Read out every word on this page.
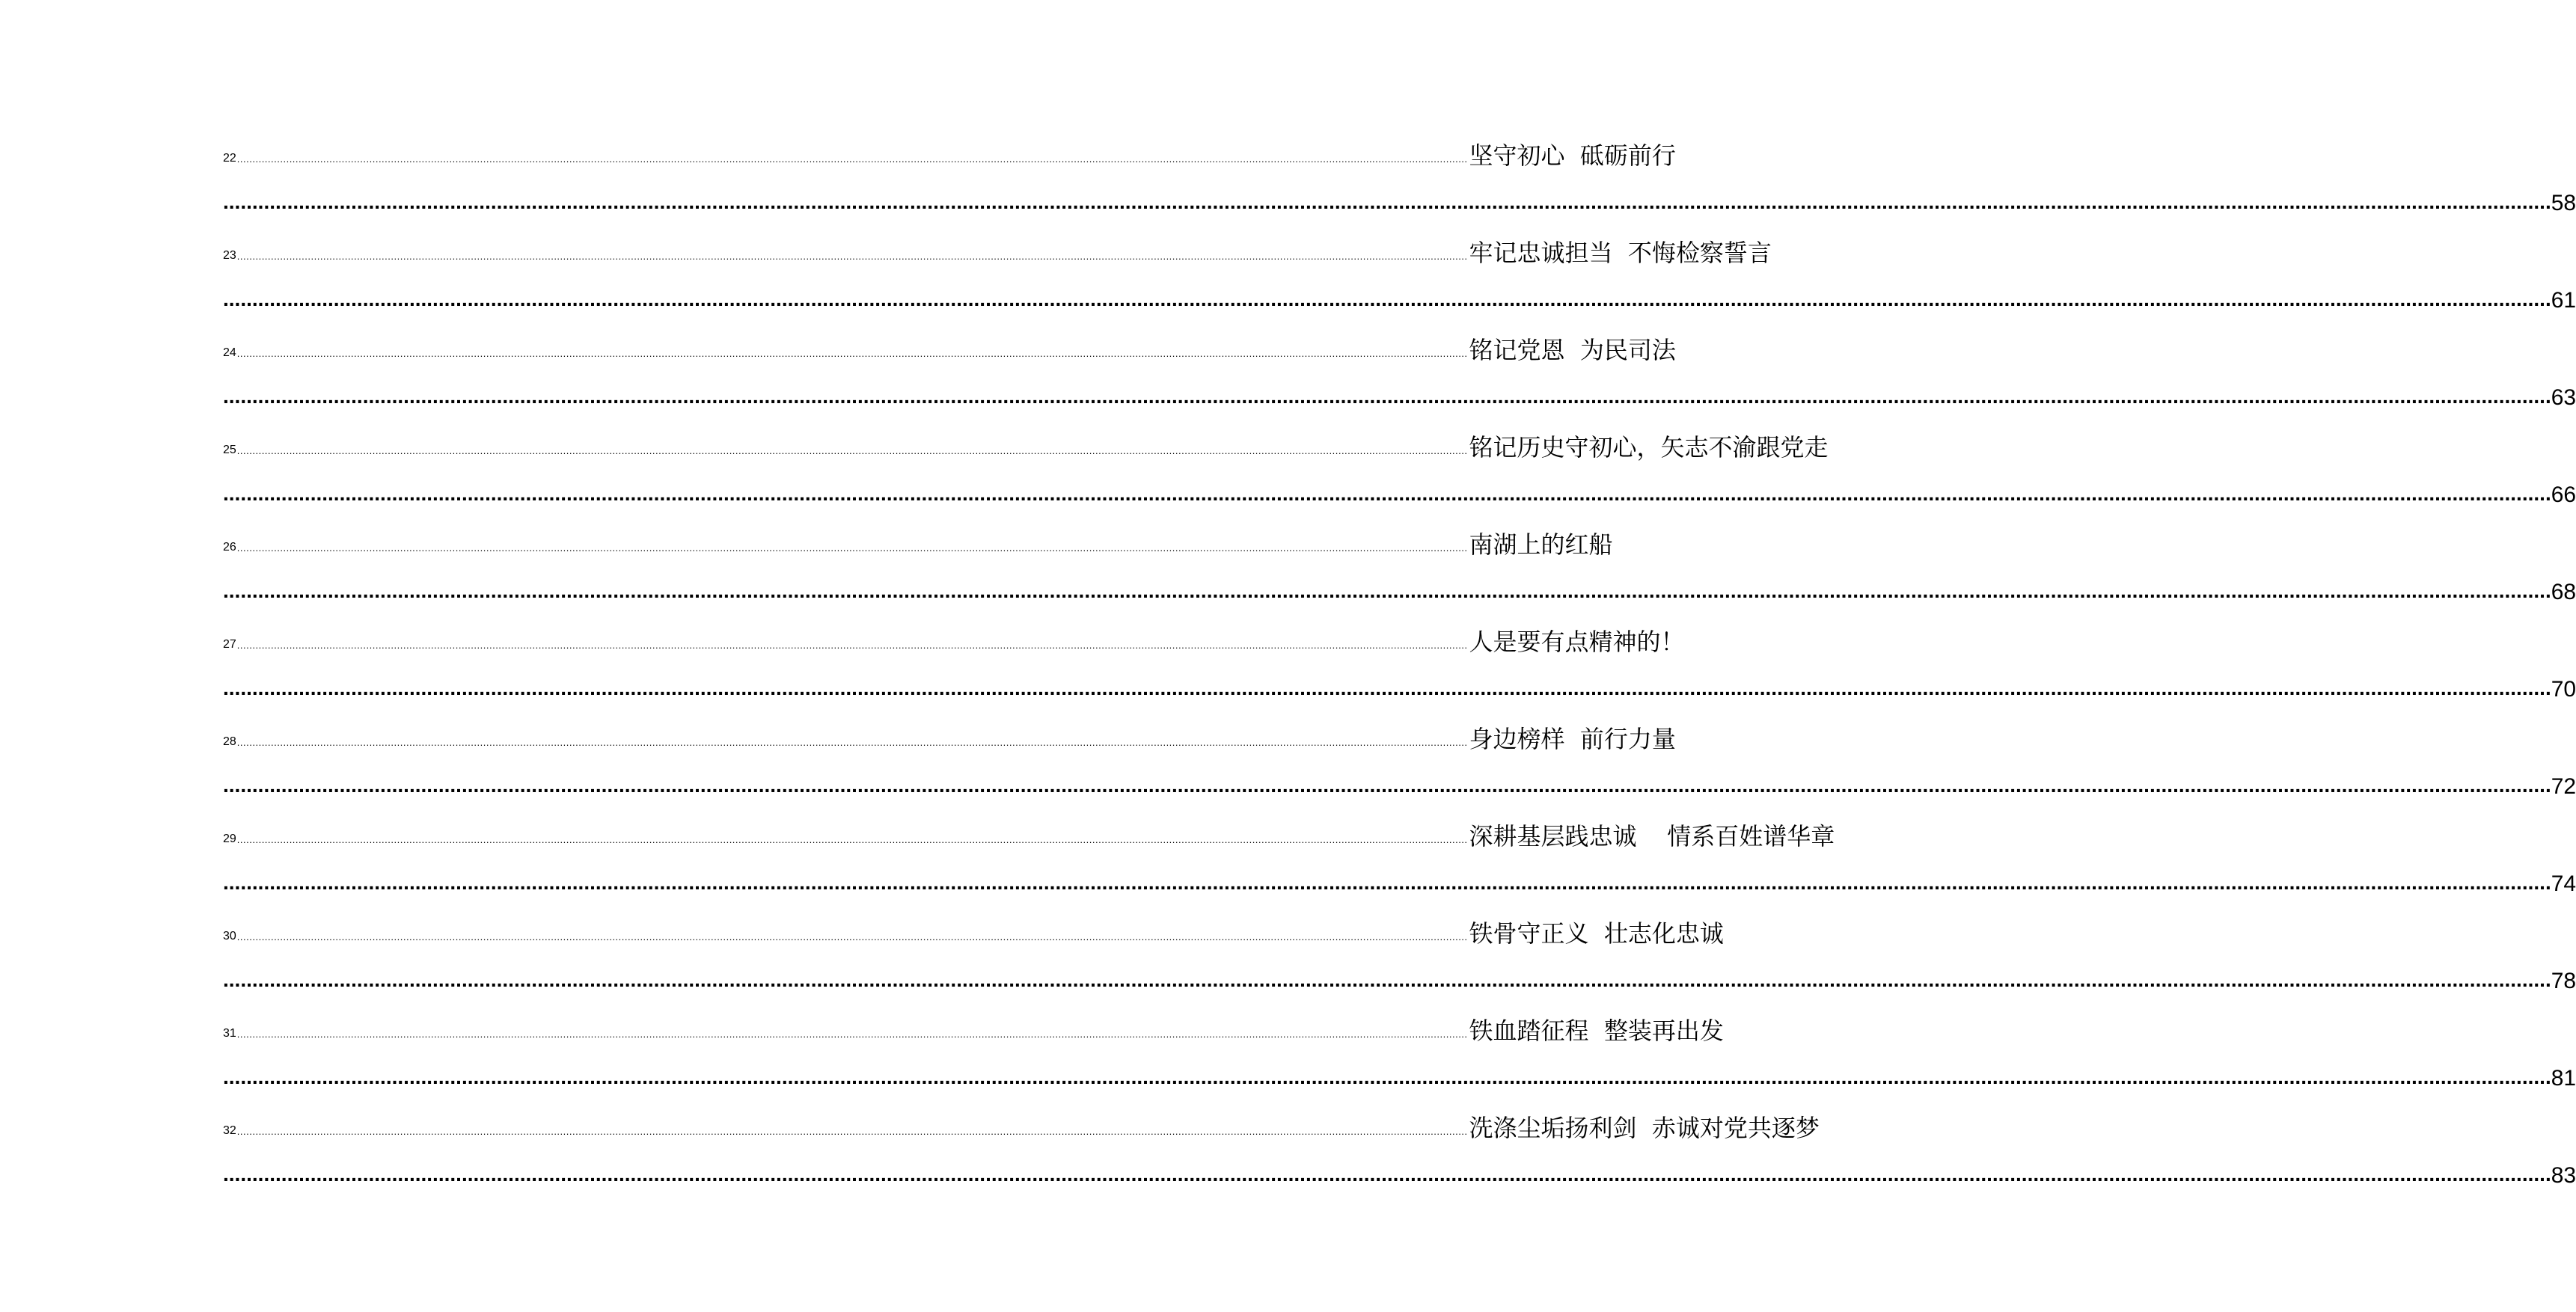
22 ................................................................................................................................................................................................................................................................................................................................................................................................................ 坚守初心  砥砺前行
................................................................................................................................................................................................................................................................................................................................................................................................................ 58
23 ................................................................................................................................................................................................................................................................................................................................................................................................................ 牢记忠诚担当  不悔检察誓言
................................................................................................................................................................................................................................................................................................................................................................................................................ 61
24 ................................................................................................................................................................................................................................................................................................................................................................................................................ 铭记党恩  为民司法
................................................................................................................................................................................................................................................................................................................................................................................................................ 63
25 ................................................................................................................................................................................................................................................................................................................................................................................................................ 铭记历史守初心，矢志不渝跟党走
................................................................................................................................................................................................................................................................................................................................................................................................................ 66
26 ................................................................................................................................................................................................................................................................................................................................................................................................................ 南湖上的红船
................................................................................................................................................................................................................................................................................................................................................................................................................ 68
27 ................................................................................................................................................................................................................................................................................................................................................................................................................ 人是要有点精神的！
................................................................................................................................................................................................................................................................................................................................................................................................................ 70
28 ................................................................................................................................................................................................................................................................................................................................................................................................................ 身边榜样  前行力量
................................................................................................................................................................................................................................................................................................................................................................................................................ 72
29 ................................................................................................................................................................................................................................................................................................................................................................................................................ 深耕基层践忠诚    情系百姓谱华章
................................................................................................................................................................................................................................................................................................................................................................................................................ 74
30 ................................................................................................................................................................................................................................................................................................................................................................................................................ 铁骨守正义  壮志化忠诚
................................................................................................................................................................................................................................................................................................................................................................................................................ 78
31 ................................................................................................................................................................................................................................................................................................................................................................................................................ 铁血踏征程  整装再出发
................................................................................................................................................................................................................................................................................................................................................................................................................ 81
32 ................................................................................................................................................................................................................................................................................................................................................................................................................ 洗涤尘垢扬利剑  赤诚对党共逐梦
................................................................................................................................................................................................................................................................................................................................................................................................................ 83
